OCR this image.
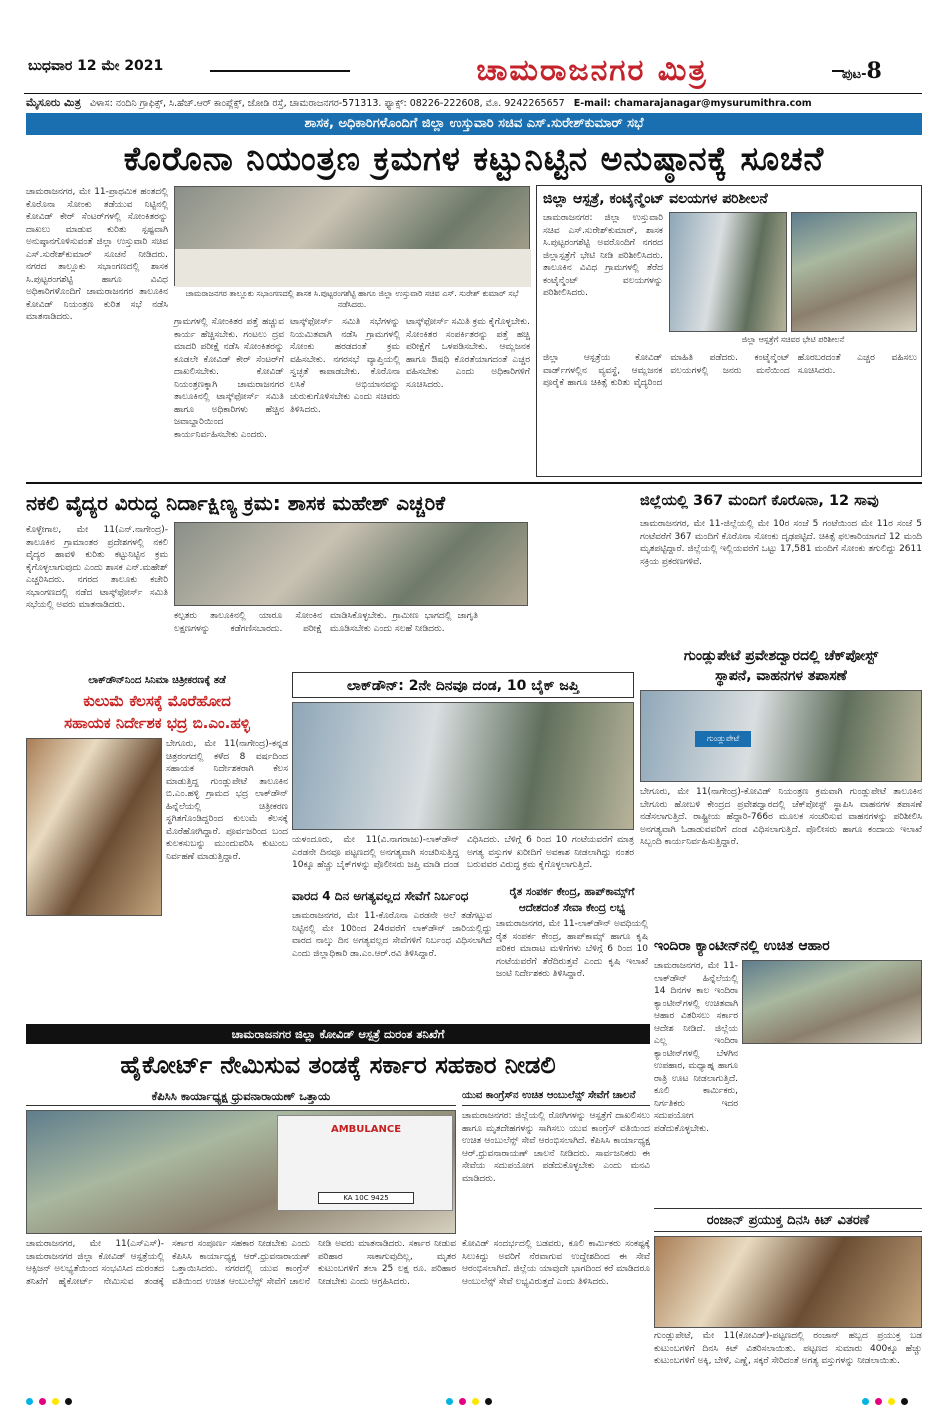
ಬುಧವಾರ 12 ಮೇ 2021	ಚಾಮರಾಜನಗರ ಮಿತ್ರ	ಪುಟ-8
ಮೈಸೂರು ಮಿತ್ರ ವಿಳಾಸ: ನಂದಿನಿ ಗ್ರಾಫಿಕ್ಸ್, ಸಿ.ಹೆಚ್.ಆರ್ ಕಾಂಪ್ಲೆಕ್ಸ್, ಜೋಡಿ ರಸ್ತೆ, ಚಾಮರಾಜನಗರ-571313. ಫ್ಯಾಕ್ಸ್: 08226-222608, ಮೊ. 9242265657 E-mail: chamarajanagar@mysurumithra.com
ಶಾಸಕ, ಅಧಿಕಾರಿಗಳೊಂದಿಗೆ ಜಿಲ್ಲಾ ಉಸ್ತುವಾರಿ ಸಚಿವ ಎಸ್.ಸುರೇಶ್‌ಕುಮಾರ್ ಸಭೆ
ಕೊರೊನಾ ನಿಯಂತ್ರಣ ಕ್ರಮಗಳ ಕಟ್ಟುನಿಟ್ಟಿನ ಅನುಷ್ಠಾನಕ್ಕೆ ಸೂಚನೆ
ಚಾಮರಾಜನಗರ ತಾಲ್ಲೂಕು ಸಭಾಂಗಣದಲ್ಲಿ ಶಾಸಕ ಸಿ.ಪುಟ್ಟರಂಗಶೆಟ್ಟಿ ಹಾಗೂ ಜಿಲ್ಲಾ ಉಸ್ತುವಾರಿ ಸಚಿವ ಎಸ್. ಸುರೇಶ್ ಕುಮಾರ್ ಸಭೆ ನಡೆಸಿದರು.
ಚಾಮರಾಜನಗರ, ಮೇ 11-ಪ್ರಾಥಮಿಕ ಹಂತದಲ್ಲಿ ಕೊರೊನಾ ಸೋಂಕು ತಡೆಯುವ ನಿಟ್ಟಿನಲ್ಲಿ ಕೋವಿಡ್ ಕೇರ್ ಸೆಂಟರ್‌ಗಳಲ್ಲಿ ಸೋಂಕಿತರನ್ನು ದಾಖಲು ಮಾಡುವ ಕುರಿತು ಸ್ಪಷ್ಟವಾಗಿ ಅನುಷ್ಠಾನಗೊಳಿಸುವಂತೆ ಜಿಲ್ಲಾ ಉಸ್ತುವಾರಿ ಸಚಿವ ಎಸ್.ಸುರೇಶ್‌ಕುಮಾರ್ ಸೂಚನೆ ನೀಡಿದರು. ನಗರದ ತಾಲ್ಲೂಕು ಸಭಾಂಗಣದಲ್ಲಿ ಶಾಸಕ ಸಿ.ಪುಟ್ಟರಂಗಶೆಟ್ಟಿ ಹಾಗೂ ವಿವಿಧ ಅಧಿಕಾರಿಗಳೊಂದಿಗೆ ಚಾಮರಾಜನಗರ ತಾಲೂಕಿನ ಕೋವಿಡ್ ನಿಯಂತ್ರಣ ಕುರಿತ ಸಭೆ ನಡೆಸಿ ಮಾತನಾಡಿದರು.	ಗ್ರಾಮಗಳಲ್ಲಿ ಸೋಂಕಿತರ ಪತ್ತೆ ಹಚ್ಚುವ ಕಾರ್ಯ ಹೆಚ್ಚಿಸಬೇಕು. ಗಂಟಲು ದ್ರವ ಮಾದರಿ ಪರೀಕ್ಷೆ ನಡೆಸಿ ಸೋಂಕಿತರನ್ನು ಕೂಡಲೇ ಕೋವಿಡ್ ಕೇರ್ ಸೆಂಟರ್‌ಗೆ ದಾಖಲಿಸಬೇಕು. ಕೋವಿಡ್ ನಿಯಂತ್ರಣಕ್ಕಾಗಿ ಚಾಮರಾಜನಗರ ತಾಲೂಕಿನಲ್ಲಿ ಟಾಸ್ಕ್‌ಫೋರ್ಸ್ ಸಮಿತಿ ಹಾಗೂ ಅಧಿಕಾರಿಗಳು ಹೆಚ್ಚಿನ ಜವಾಬ್ದಾರಿಯಿಂದ ಕಾರ್ಯನಿರ್ವಹಿಸಬೇಕು ಎಂದರು.
ಟಾಸ್ಕ್‌ಫೋರ್ಸ್ ಸಮಿತಿ ಸಭೆಗಳನ್ನು ನಿಯಮಿತವಾಗಿ ನಡೆಸಿ ಗ್ರಾಮಗಳಲ್ಲಿ ಸೋಂಕು ಹರಡದಂತೆ ಕ್ರಮ ವಹಿಸಬೇಕು. ನಗರಸಭೆ ವ್ಯಾಪ್ತಿಯಲ್ಲಿ ಸ್ವಚ್ಛತೆ ಕಾಪಾಡಬೇಕು. ಕೊರೊನಾ ಲಸಿಕೆ ಅಭಿಯಾನವನ್ನು ಚುರುಕುಗೊಳಿಸಬೇಕು ಎಂದು ಸಚಿವರು ತಿಳಿಸಿದರು.
ಟಾಸ್ಕ್‌ಫೋರ್ಸ್ ಸಮಿತಿ ಕ್ರಮ ಕೈಗೊಳ್ಳಬೇಕು. ಸೋಂಕಿತರ ಸಂಪರ್ಕಿತರನ್ನು ಪತ್ತೆ ಹಚ್ಚಿ ಪರೀಕ್ಷೆಗೆ ಒಳಪಡಿಸಬೇಕು. ಆಮ್ಲಜನಕ ಹಾಗೂ ಔಷಧಿ ಕೊರತೆಯಾಗದಂತೆ ಎಚ್ಚರ ವಹಿಸಬೇಕು ಎಂದು ಅಧಿಕಾರಿಗಳಿಗೆ ಸೂಚಿಸಿದರು.
ಜಿಲ್ಲಾ ಆಸ್ಪತ್ರೆ, ಕಂಟೈನ್ಮೆಂಟ್ ವಲಯಗಳ ಪರಿಶೀಲನೆ
ಚಾಮರಾಜನಗರ: ಜಿಲ್ಲಾ ಉಸ್ತುವಾರಿ ಸಚಿವ ಎಸ್.ಸುರೇಶ್‌ಕುಮಾರ್, ಶಾಸಕ ಸಿ.ಪುಟ್ಟರಂಗಶೆಟ್ಟಿ ಅವರೊಂದಿಗೆ ನಗರದ ಜಿಲ್ಲಾಸ್ಪತ್ರೆಗೆ ಭೇಟಿ ನೀಡಿ ಪರಿಶೀಲಿಸಿದರು. ತಾಲೂಕಿನ ವಿವಿಧ ಗ್ರಾಮಗಳಲ್ಲಿ ತೆರೆದ ಕಂಟೈನ್ಮೆಂಟ್ ವಲಯಗಳನ್ನು ಪರಿಶೀಲಿಸಿದರು.
ಜಿಲ್ಲಾ ಆಸ್ಪತ್ರೆಗೆ ಸಚಿವರ ಭೇಟಿ ಪರಿಶೀಲನೆ
ಜಿಲ್ಲಾ ಆಸ್ಪತ್ರೆಯ ಕೋವಿಡ್ ವಾರ್ಡ್‌ಗಳಲ್ಲಿನ ವ್ಯವಸ್ಥೆ, ಆಮ್ಲಜನಕ ಪೂರೈಕೆ ಹಾಗೂ ಚಿಕಿತ್ಸೆ ಕುರಿತು ವೈದ್ಯರಿಂದ ಮಾಹಿತಿ ಪಡೆದರು. ಕಂಟೈನ್ಮೆಂಟ್ ವಲಯಗಳಲ್ಲಿ ಜನರು ಮನೆಯಿಂದ ಹೊರಬರದಂತೆ ಎಚ್ಚರ ವಹಿಸಲು ಸೂಚಿಸಿದರು.
ನಕಲಿ ವೈದ್ಯರ ವಿರುದ್ಧ ನಿರ್ದಾಕ್ಷಿಣ್ಯ ಕ್ರಮ: ಶಾಸಕ ಮಹೇಶ್ ಎಚ್ಚರಿಕೆ
ಕೊಳ್ಳೇಗಾಲ, ಮೇ 11(ಎನ್.ನಾಗೇಂದ್ರ)-ತಾಲೂಕಿನ ಗ್ರಾಮಾಂತರ ಪ್ರದೇಶಗಳಲ್ಲಿ ನಕಲಿ ವೈದ್ಯರ ಹಾವಳಿ ಕುರಿತು ಕಟ್ಟುನಿಟ್ಟಿನ ಕ್ರಮ ಕೈಗೊಳ್ಳಲಾಗುವುದು ಎಂದು ಶಾಸಕ ಎನ್.ಮಹೇಶ್ ಎಚ್ಚರಿಸಿದರು. ನಗರದ ತಾಲೂಕು ಕಚೇರಿ ಸಭಾಂಗಣದಲ್ಲಿ ನಡೆದ ಟಾಸ್ಕ್‌ಫೋರ್ಸ್ ಸಮಿತಿ ಸಭೆಯಲ್ಲಿ ಅವರು ಮಾತನಾಡಿದರು.
ಕಲ್ಪತರು ತಾಲೂಕಿನಲ್ಲಿ ಯಾರೂ ಸೋಂಕಿನ ಲಕ್ಷಣಗಳನ್ನು ಕಡೆಗಣಿಸಬಾರದು. ಪರೀಕ್ಷೆ ಮಾಡಿಸಿಕೊಳ್ಳಬೇಕು. ಗ್ರಾಮೀಣ ಭಾಗದಲ್ಲಿ ಜಾಗೃತಿ ಮೂಡಿಸಬೇಕು ಎಂದು ಸಲಹೆ ನೀಡಿದರು.
ಜಿಲ್ಲೆಯಲ್ಲಿ 367 ಮಂದಿಗೆ ಕೊರೊನಾ, 12 ಸಾವು
ಚಾಮರಾಜನಗರ, ಮೇ 11-ಜಿಲ್ಲೆಯಲ್ಲಿ ಮೇ 10ರ ಸಂಜೆ 5 ಗಂಟೆಯಿಂದ ಮೇ 11ರ ಸಂಜೆ 5 ಗಂಟೆವರೆಗೆ 367 ಮಂದಿಗೆ ಕೊರೊನಾ ಸೋಂಕು ದೃಢಪಟ್ಟಿದೆ. ಚಿಕಿತ್ಸೆ ಫಲಕಾರಿಯಾಗದೆ 12 ಮಂದಿ ಮೃತಪಟ್ಟಿದ್ದಾರೆ. ಜಿಲ್ಲೆಯಲ್ಲಿ ಇಲ್ಲಿಯವರೆಗೆ ಒಟ್ಟು 17,581 ಮಂದಿಗೆ ಸೋಂಕು ತಗುಲಿದ್ದು 2611 ಸಕ್ರಿಯ ಪ್ರಕರಣಗಳಿವೆ.
ಗುಂಡ್ಲುಪೇಟೆ ಪ್ರವೇಶದ್ವಾರದಲ್ಲಿ ಚೆಕ್‌ಪೋಸ್ಟ್
ಸ್ಥಾಪನೆ, ವಾಹನಗಳ ತಪಾಸಣೆ
ಗುಂಡ್ಲುಪೇಟೆ
ಬೇಗೂರು, ಮೇ 11(ನಾಗೇಂದ್ರ)-ಕೋವಿಡ್ ನಿಯಂತ್ರಣ ಕ್ರಮವಾಗಿ ಗುಂಡ್ಲುಪೇಟೆ ತಾಲೂಕಿನ ಬೇಗೂರು ಹೋಬಳಿ ಕೇಂದ್ರದ ಪ್ರವೇಶದ್ವಾರದಲ್ಲಿ ಚೆಕ್‌ಪೋಸ್ಟ್ ಸ್ಥಾಪಿಸಿ ವಾಹನಗಳ ತಪಾಸಣೆ ನಡೆಸಲಾಗುತ್ತಿದೆ. ರಾಷ್ಟ್ರೀಯ ಹೆದ್ದಾರಿ-766ರ ಮೂಲಕ ಸಂಚರಿಸುವ ವಾಹನಗಳನ್ನು ಪರಿಶೀಲಿಸಿ ಅನಗತ್ಯವಾಗಿ ಓಡಾಡುವವರಿಗೆ ದಂಡ ವಿಧಿಸಲಾಗುತ್ತಿದೆ. ಪೊಲೀಸರು ಹಾಗೂ ಕಂದಾಯ ಇಲಾಖೆ ಸಿಬ್ಬಂದಿ ಕಾರ್ಯನಿರ್ವಹಿಸುತ್ತಿದ್ದಾರೆ.
ಇಂದಿರಾ ಕ್ಯಾಂಟೀನ್‌ನಲ್ಲಿ ಉಚಿತ ಆಹಾರ
ಚಾಮರಾಜನಗರ, ಮೇ 11-ಲಾಕ್‌ಡೌನ್ ಹಿನ್ನೆಲೆಯಲ್ಲಿ 14 ದಿನಗಳ ಕಾಲ ಇಂದಿರಾ ಕ್ಯಾಂಟೀನ್‌ಗಳಲ್ಲಿ ಉಚಿತವಾಗಿ ಆಹಾರ ವಿತರಿಸಲು ಸರ್ಕಾರ ಆದೇಶ ನೀಡಿದೆ. ಜಿಲ್ಲೆಯ ಎಲ್ಲ ಇಂದಿರಾ ಕ್ಯಾಂಟೀನ್‌ಗಳಲ್ಲಿ ಬೆಳಗಿನ ಉಪಹಾರ, ಮಧ್ಯಾಹ್ನ ಹಾಗೂ ರಾತ್ರಿ ಊಟ ನೀಡಲಾಗುತ್ತಿದೆ. ಕೂಲಿ ಕಾರ್ಮಿಕರು, ನಿರ್ಗತಿಕರು ಇದರ ಸದುಪಯೋಗ ಪಡೆದುಕೊಳ್ಳಬೇಕು.
ಲಾಕ್‌ಡೌನ್‌ನಿಂದ ಸಿನಿಮಾ ಚಿತ್ರೀಕರಣಕ್ಕೆ ತಡೆ
ಕುಲುಮೆ ಕೆಲಸಕ್ಕೆ ಮೊರೆಹೋದ
ಸಹಾಯಕ ನಿರ್ದೇಶಕ ಭದ್ರ ಬಿ.ಎಂ.ಹಳ್ಳಿ
ಬೇಗೂರು, ಮೇ 11(ನಾಗೇಂದ್ರ)-ಕನ್ನಡ ಚಿತ್ರರಂಗದಲ್ಲಿ ಕಳೆದ 8 ವರ್ಷದಿಂದ ಸಹಾಯಕ ನಿರ್ದೇಶಕರಾಗಿ ಕೆಲಸ ಮಾಡುತ್ತಿದ್ದ ಗುಂಡ್ಲುಪೇಟೆ ತಾಲೂಕಿನ ಬಿ.ಎಂ.ಹಳ್ಳಿ ಗ್ರಾಮದ ಭದ್ರ ಲಾಕ್‌ಡೌನ್ ಹಿನ್ನೆಲೆಯಲ್ಲಿ ಚಿತ್ರೀಕರಣ ಸ್ಥಗಿತಗೊಂಡಿದ್ದರಿಂದ ಕುಲುಮೆ ಕೆಲಸಕ್ಕೆ ಮೊರೆಹೋಗಿದ್ದಾರೆ. ಪೂರ್ವಜರಿಂದ ಬಂದ ಕುಲಕಸುಬನ್ನು ಮುಂದುವರಿಸಿ ಕುಟುಂಬ ನಿರ್ವಹಣೆ ಮಾಡುತ್ತಿದ್ದಾರೆ.
ಲಾಕ್‌ಡೌನ್: 2ನೇ ದಿನವೂ ದಂಡ, 10 ಬೈಕ್ ಜಪ್ತಿ
ಯಳಂದೂರು, ಮೇ 11(ವಿ.ನಾಗರಾಜು)-ಲಾಕ್‌ಡೌನ್ ಎರಡನೇ ದಿನವೂ ಪಟ್ಟಣದಲ್ಲಿ ಅನಗತ್ಯವಾಗಿ ಸಂಚರಿಸುತ್ತಿದ್ದ 10ಕ್ಕೂ ಹೆಚ್ಚು ಬೈಕ್‌ಗಳನ್ನು ಪೊಲೀಸರು ಜಪ್ತಿ ಮಾಡಿ ದಂಡ ವಿಧಿಸಿದರು. ಬೆಳಿಗ್ಗೆ 6 ರಿಂದ 10 ಗಂಟೆಯವರೆಗೆ ಮಾತ್ರ ಅಗತ್ಯ ವಸ್ತುಗಳ ಖರೀದಿಗೆ ಅವಕಾಶ ನೀಡಲಾಗಿದ್ದು ನಂತರ ಬರುವವರ ವಿರುದ್ಧ ಕ್ರಮ ಕೈಗೊಳ್ಳಲಾಗುತ್ತಿದೆ.
ವಾರದ 4 ದಿನ ಅಗತ್ಯವಲ್ಲದ ಸೇವೆಗೆ ನಿರ್ಬಂಧ
ಚಾಮರಾಜನಗರ, ಮೇ 11-ಕೊರೊನಾ ಎರಡನೇ ಅಲೆ ತಡೆಗಟ್ಟುವ ನಿಟ್ಟಿನಲ್ಲಿ ಮೇ 10ರಿಂದ 24ರವರೆಗೆ ಲಾಕ್‌ಡೌನ್ ಜಾರಿಯಲ್ಲಿದ್ದು ವಾರದ ನಾಲ್ಕು ದಿನ ಅಗತ್ಯವಲ್ಲದ ಸೇವೆಗಳಿಗೆ ನಿರ್ಬಂಧ ವಿಧಿಸಲಾಗಿದೆ ಎಂದು ಜಿಲ್ಲಾಧಿಕಾರಿ ಡಾ.ಎಂ.ಆರ್.ರವಿ ತಿಳಿಸಿದ್ದಾರೆ.
ರೈತ ಸಂಪರ್ಕ ಕೇಂದ್ರ, ಹಾಪ್‌ಕಾಮ್ಸ್‌ಗೆ
ಆದೇಶದಂತೆ ಸೇವಾ ಕೇಂದ್ರ ಲಭ್ಯ
ಚಾಮರಾಜನಗರ, ಮೇ 11-ಲಾಕ್‌ಡೌನ್ ಅವಧಿಯಲ್ಲಿ ರೈತ ಸಂಪರ್ಕ ಕೇಂದ್ರ, ಹಾಪ್‌ಕಾಮ್ಸ್ ಹಾಗೂ ಕೃಷಿ ಪರಿಕರ ಮಾರಾಟ ಮಳಿಗೆಗಳು ಬೆಳಿಗ್ಗೆ 6 ರಿಂದ 10 ಗಂಟೆಯವರೆಗೆ ತೆರೆದಿರುತ್ತವೆ ಎಂದು ಕೃಷಿ ಇಲಾಖೆ ಜಂಟಿ ನಿರ್ದೇಶಕರು ತಿಳಿಸಿದ್ದಾರೆ.
ಚಾಮರಾಜನಗರ ಜಿಲ್ಲಾ ಕೋವಿಡ್ ಆಸ್ಪತ್ರೆ ದುರಂತ ತನಿಖೆಗೆ
ಹೈಕೋರ್ಟ್ ನೇಮಿಸುವ ತಂಡಕ್ಕೆ ಸರ್ಕಾರ ಸಹಕಾರ ನೀಡಲಿ
ಕೆಪಿಸಿಸಿ ಕಾರ್ಯಾಧ್ಯಕ್ಷ ಧ್ರುವನಾರಾಯಣ್ ಒತ್ತಾಯ
AMBULANCE
KA 10C 9425
ಚಾಮರಾಜನಗರ, ಮೇ 11(ಎಸ್‌ಎಸ್)-ಚಾಮರಾಜನಗರ ಜಿಲ್ಲಾ ಕೋವಿಡ್ ಆಸ್ಪತ್ರೆಯಲ್ಲಿ ಆಕ್ಸಿಜನ್ ಅಲಭ್ಯತೆಯಿಂದ ಸಂಭವಿಸಿದ ದುರಂತದ ತನಿಖೆಗೆ ಹೈಕೋರ್ಟ್ ನೇಮಿಸುವ ತಂಡಕ್ಕೆ ಸರ್ಕಾರ ಸಂಪೂರ್ಣ ಸಹಕಾರ ನೀಡಬೇಕು ಎಂದು ಕೆಪಿಸಿಸಿ ಕಾರ್ಯಾಧ್ಯಕ್ಷ ಆರ್.ಧ್ರುವನಾರಾಯಣ್ ಒತ್ತಾಯಿಸಿದರು. ನಗರದಲ್ಲಿ ಯುವ ಕಾಂಗ್ರೆಸ್ ವತಿಯಿಂದ ಉಚಿತ ಆಂಬುಲೆನ್ಸ್ ಸೇವೆಗೆ ಚಾಲನೆ ನೀಡಿ ಅವರು ಮಾತನಾಡಿದರು. ಸರ್ಕಾರ ನೀಡುವ ಪರಿಹಾರ ಸಾಕಾಗುವುದಿಲ್ಲ, ಮೃತರ ಕುಟುಂಬಗಳಿಗೆ ತಲಾ 25 ಲಕ್ಷ ರೂ. ಪರಿಹಾರ ನೀಡಬೇಕು ಎಂದು ಆಗ್ರಹಿಸಿದರು.
ಯುವ ಕಾಂಗ್ರೆಸ್‌ನ ಉಚಿತ ಆಂಬುಲೆನ್ಸ್ ಸೇವೆಗೆ ಚಾಲನೆ
ಚಾಮರಾಜನಗರ: ಜಿಲ್ಲೆಯಲ್ಲಿ ರೋಗಿಗಳನ್ನು ಆಸ್ಪತ್ರೆಗೆ ದಾಖಲಿಸಲು ಹಾಗೂ ಮೃತದೇಹಗಳನ್ನು ಸಾಗಿಸಲು ಯುವ ಕಾಂಗ್ರೆಸ್ ವತಿಯಿಂದ ಉಚಿತ ಆಂಬುಲೆನ್ಸ್ ಸೇವೆ ಆರಂಭಿಸಲಾಗಿದೆ. ಕೆಪಿಸಿಸಿ ಕಾರ್ಯಾಧ್ಯಕ್ಷ ಆರ್.ಧ್ರುವನಾರಾಯಣ್ ಚಾಲನೆ ನೀಡಿದರು. ಸಾರ್ವಜನಿಕರು ಈ ಸೇವೆಯ ಸದುಪಯೋಗ ಪಡೆದುಕೊಳ್ಳಬೇಕು ಎಂದು ಮನವಿ ಮಾಡಿದರು.
ಕೋವಿಡ್ ಸಂದರ್ಭದಲ್ಲಿ ಬಡವರು, ಕೂಲಿ ಕಾರ್ಮಿಕರು ಸಂಕಷ್ಟಕ್ಕೆ ಸಿಲುಕಿದ್ದು ಅವರಿಗೆ ನೆರವಾಗುವ ಉದ್ದೇಶದಿಂದ ಈ ಸೇವೆ ಆರಂಭಿಸಲಾಗಿದೆ. ಜಿಲ್ಲೆಯ ಯಾವುದೇ ಭಾಗದಿಂದ ಕರೆ ಮಾಡಿದರೂ ಆಂಬುಲೆನ್ಸ್ ಸೇವೆ ಲಭ್ಯವಿರುತ್ತದೆ ಎಂದು ತಿಳಿಸಿದರು.
ರಂಜಾನ್ ಪ್ರಯುಕ್ತ ದಿನಸಿ ಕಿಟ್ ವಿತರಣೆ
ಗುಂಡ್ಲುಪೇಟೆ, ಮೇ 11(ಕೋವಿಡ್)-ಪಟ್ಟಣದಲ್ಲಿ ರಂಜಾನ್ ಹಬ್ಬದ ಪ್ರಯುಕ್ತ ಬಡ ಕುಟುಂಬಗಳಿಗೆ ದಿನಸಿ ಕಿಟ್ ವಿತರಿಸಲಾಯಿತು. ಪಟ್ಟಣದ ಸುಮಾರು 400ಕ್ಕೂ ಹೆಚ್ಚು ಕುಟುಂಬಗಳಿಗೆ ಅಕ್ಕಿ, ಬೇಳೆ, ಎಣ್ಣೆ, ಸಕ್ಕರೆ ಸೇರಿದಂತೆ ಅಗತ್ಯ ವಸ್ತುಗಳನ್ನು ನೀಡಲಾಯಿತು.
